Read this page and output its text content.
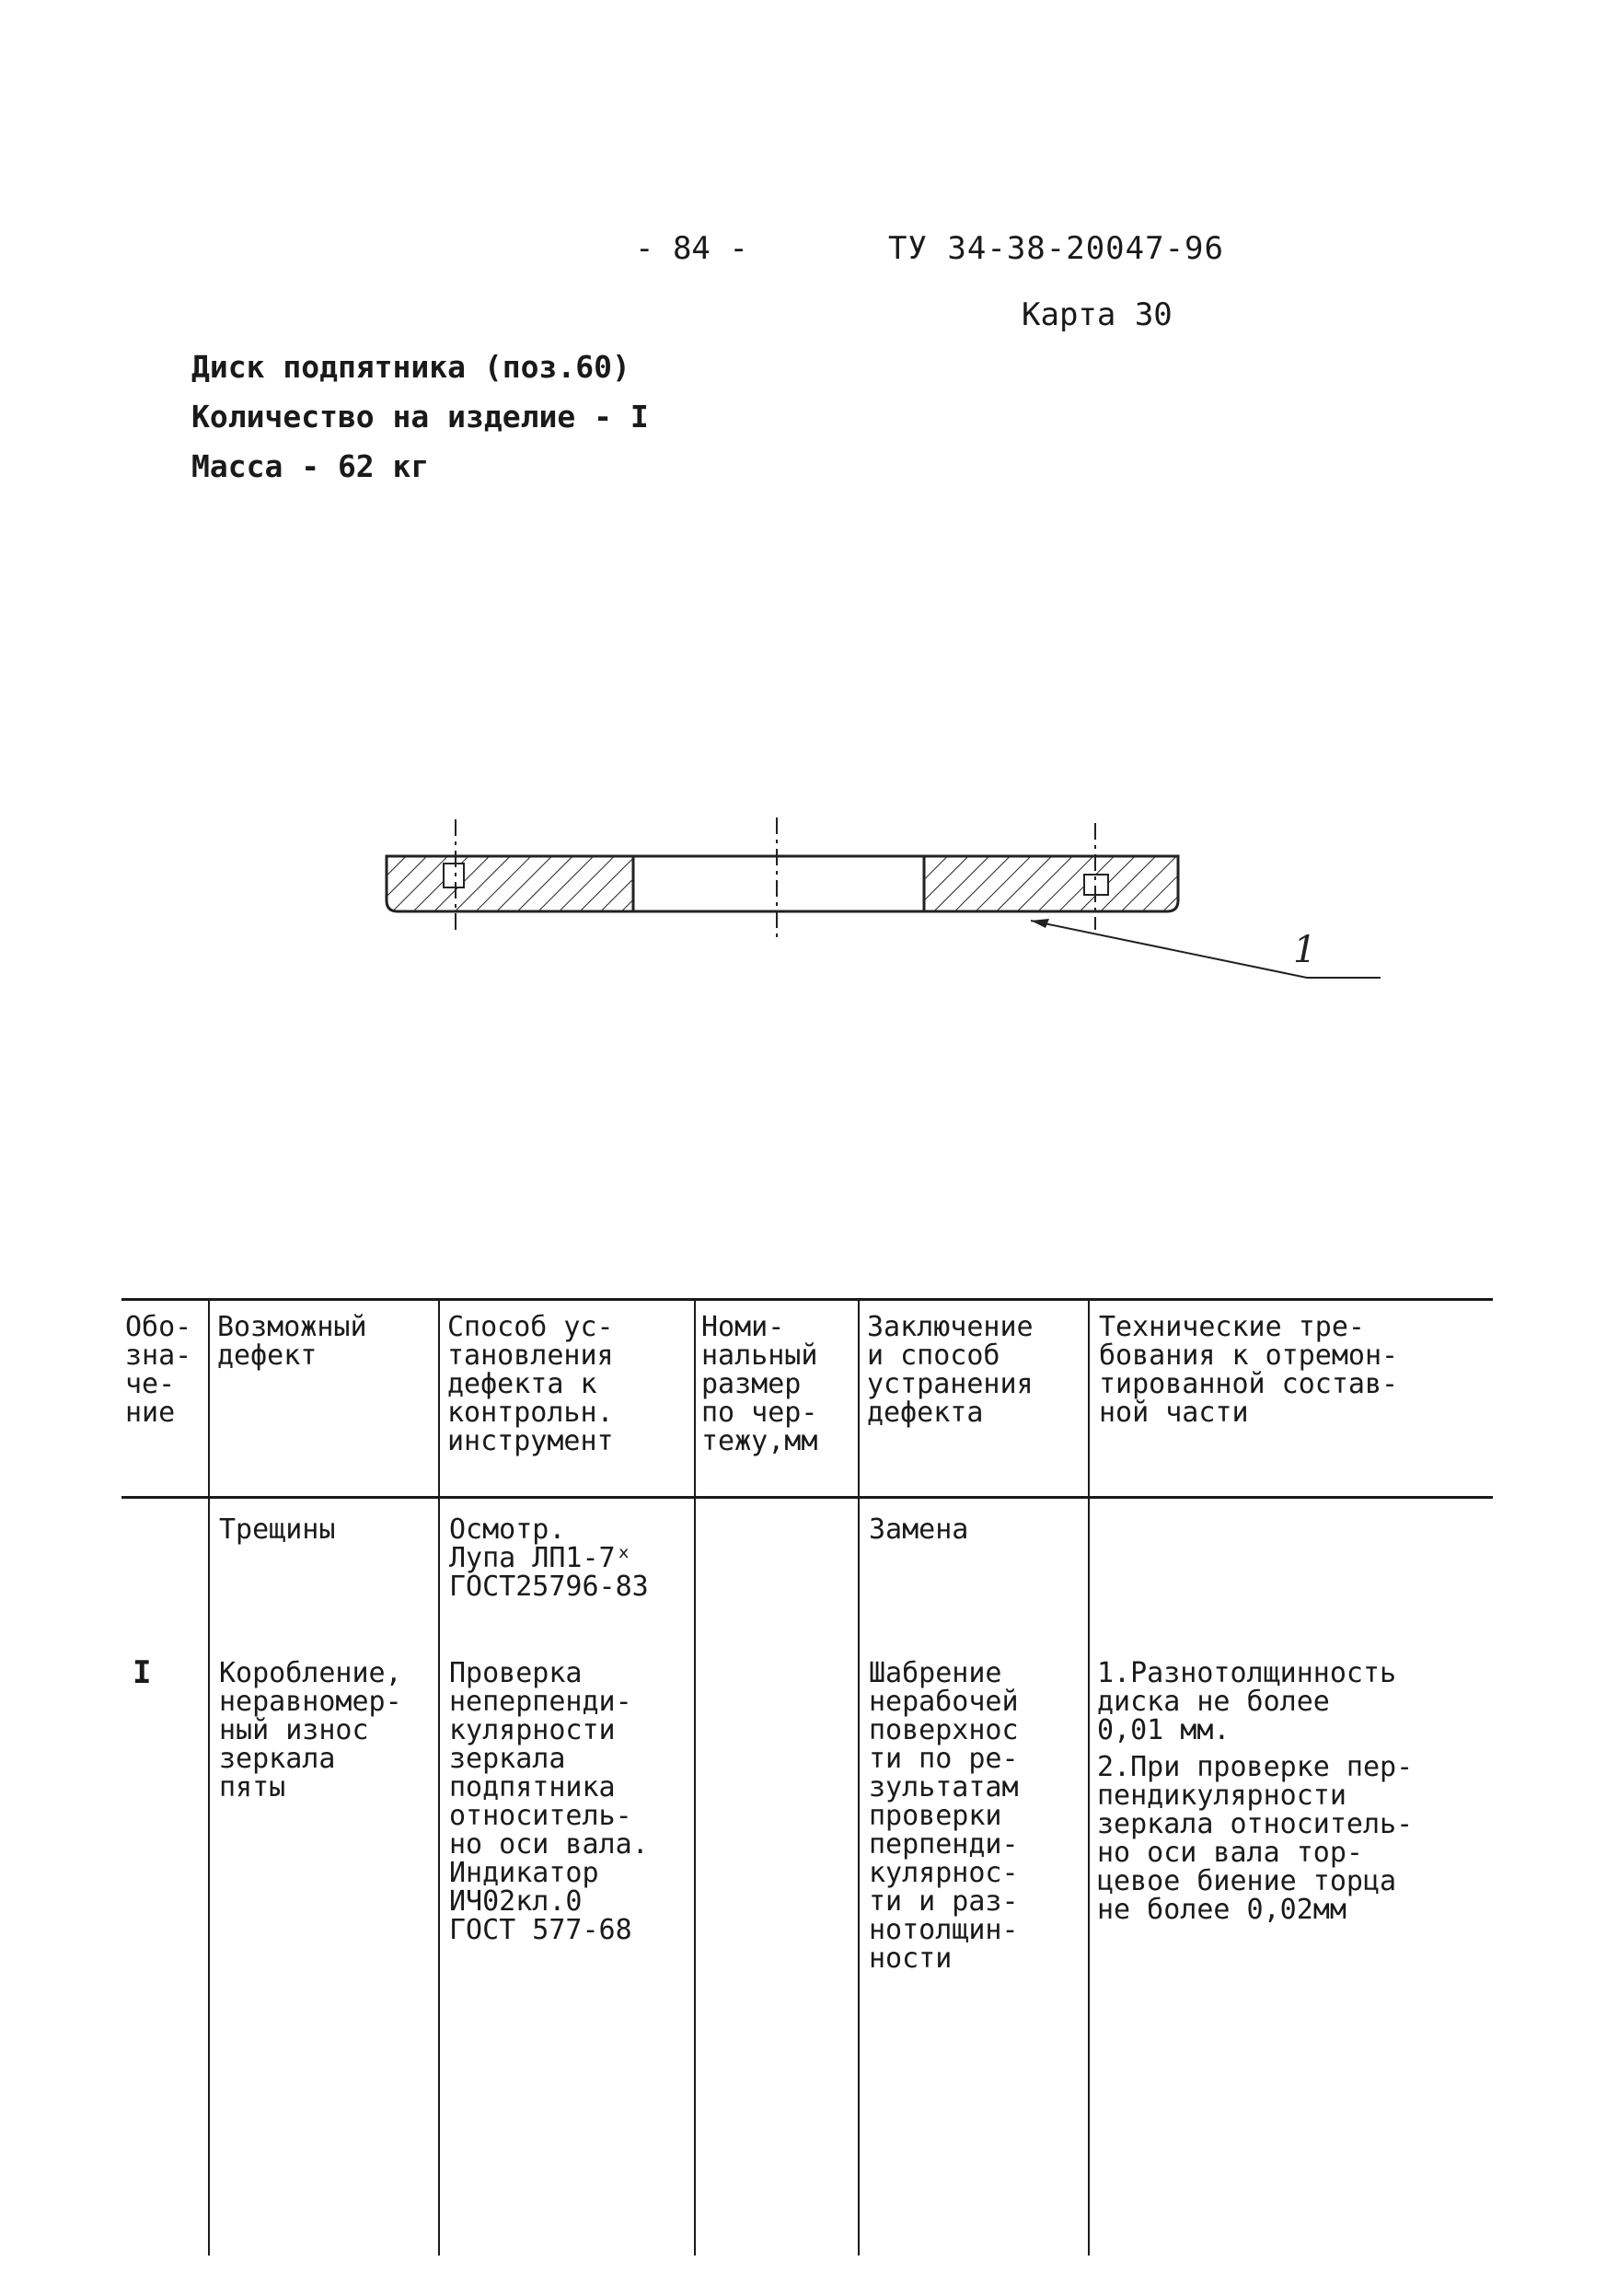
- 84 -	ТУ 34-38-20047-96
Карта 30
Диск подпятника (поз.60)
Количество на изделие - I
Масса - 62 кг
1
Обо-
зна-
че-
ние
Возможный
дефект
Способ ус-
тановления
дефекта к
контрольн.
инструмент
Номи-
нальный
размер
по чер-
тежу,мм
Заключение
и способ
устранения
дефекта
Технические тре-
бования к отремон-
тированной состав-
ной части
Трещины	Осмотр.
Лупа ЛП1-7ˣ
ГОСТ25796-83
Замена
I Коробление,
неравномер-
ный износ
зеркала
пяты
Проверка
неперпенди-
кулярности
зеркала
подпятника
относитель-
но оси вала.
Индикатор
ИЧ02кл.0
ГОСТ 577-68
Шабрение
нерабочей
поверхнос
ти по ре-
зультатам
проверки
перпенди-
кулярнос-
ти и раз-
нотолщин-
ности
1.Разнотолщинность
диска не более
0,01 мм.
2.При проверке пер-
пендикулярности
зеркала относитель-
но оси вала тор-
цевое биение торца
не более 0,02мм
